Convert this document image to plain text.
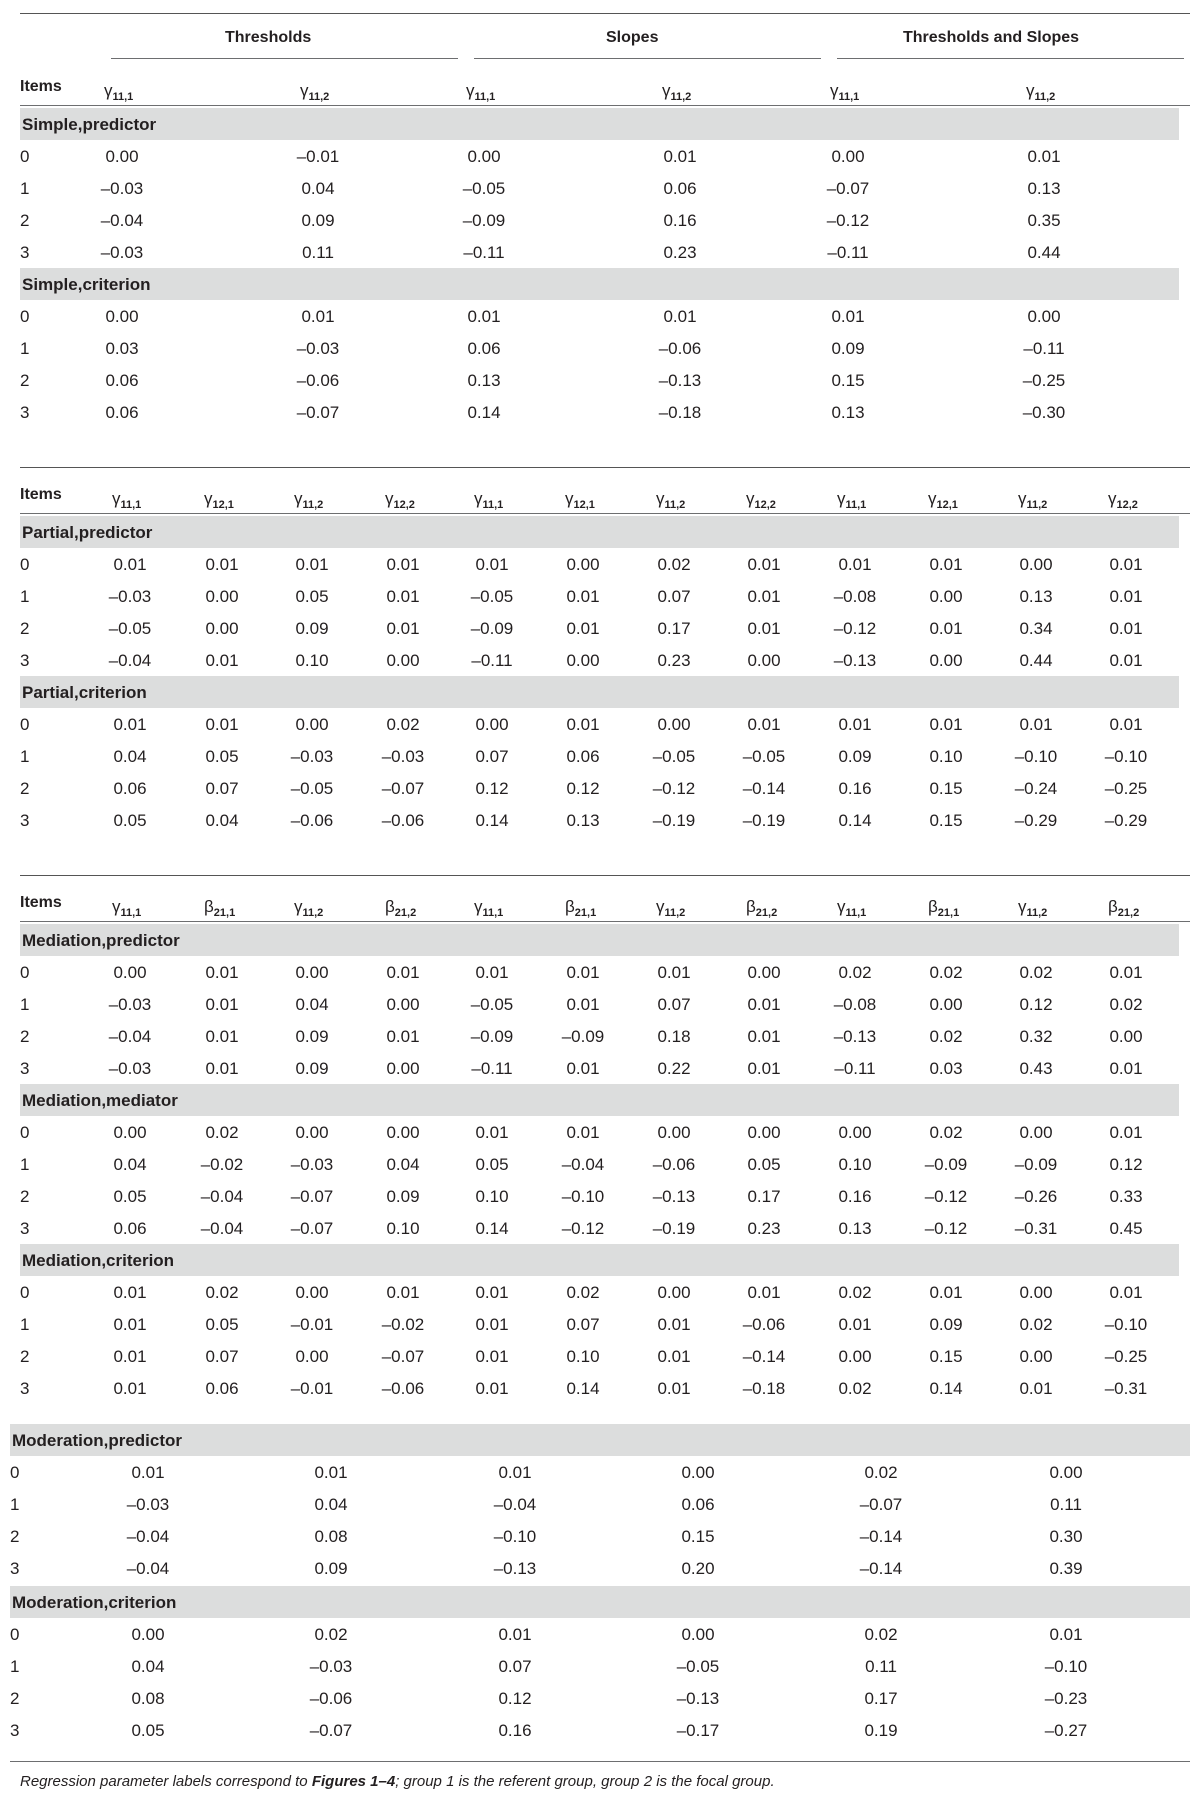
Thresholds	Slopes	Thresholds and Slopes
Items $\gamma_{11,1}$	$\gamma_{11,2}$	$\gamma_{11,1}$	$\gamma_{11,2}$	$\gamma_{11,1}$	$\gamma_{11,2}$
Simple,predictor
0	0.00	–0.01	0.00	0.01	0.00	0.01
1	–0.03	0.04	–0.05	0.06	–0.07	0.13
2	–0.04	0.09	–0.09	0.16	–0.12	0.35
3	–0.03	0.11	–0.11	0.23	–0.11	0.44
Simple,criterion
0	0.00	0.01	0.01	0.01	0.01	0.00
1	0.03	–0.03	0.06	–0.06	0.09	–0.11
2	0.06	–0.06	0.13	–0.13	0.15	–0.25
3	0.06	–0.07	0.14	–0.18	0.13	–0.30
Items	$\gamma_{11,1}$	$\gamma_{12,1}$	$\gamma_{11,2}$	$\gamma_{12,2}$	$\gamma_{11,1}$	$\gamma_{12,1}$	$\gamma_{11,2}$	$\gamma_{12,2}$	$\gamma_{11,1}$	$\gamma_{12,1}$	$\gamma_{11,2}$	$\gamma_{12,2}$
Partial,predictor
0	0.01	0.01	0.01	0.01	0.01	0.00	0.02	0.01	0.01	0.01	0.00	0.01
1	–0.03	0.00	0.05	0.01	–0.05	0.01	0.07	0.01	–0.08	0.00	0.13	0.01
2	–0.05	0.00	0.09	0.01	–0.09	0.01	0.17	0.01	–0.12	0.01	0.34	0.01
3	–0.04	0.01	0.10	0.00	–0.11	0.00	0.23	0.00	–0.13	0.00	0.44	0.01
Partial,criterion
0	0.01	0.01	0.00	0.02	0.00	0.01	0.00	0.01	0.01	0.01	0.01	0.01
1	0.04	0.05	–0.03	–0.03	0.07	0.06	–0.05	–0.05	0.09	0.10	–0.10	–0.10
2	0.06	0.07	–0.05	–0.07	0.12	0.12	–0.12	–0.14	0.16	0.15	–0.24	–0.25
3	0.05	0.04	–0.06	–0.06	0.14	0.13	–0.19	–0.19	0.14	0.15	–0.29	–0.29
Items	$\gamma_{11,1}$	$\beta_{21,1}$	$\gamma_{11,2}$	$\beta_{21,2}$	$\gamma_{11,1}$	$\beta_{21,1}$	$\gamma_{11,2}$	$\beta_{21,2}$	$\gamma_{11,1}$	$\beta_{21,1}$	$\gamma_{11,2}$	$\beta_{21,2}$
Mediation,predictor
0	0.00	0.01	0.00	0.01	0.01	0.01	0.01	0.00	0.02	0.02	0.02	0.01
1	–0.03	0.01	0.04	0.00	–0.05	0.01	0.07	0.01	–0.08	0.00	0.12	0.02
2	–0.04	0.01	0.09	0.01	–0.09	–0.09	0.18	0.01	–0.13	0.02	0.32	0.00
3	–0.03	0.01	0.09	0.00	–0.11	0.01	0.22	0.01	–0.11	0.03	0.43	0.01
Mediation,mediator
0	0.00	0.02	0.00	0.00	0.01	0.01	0.00	0.00	0.00	0.02	0.00	0.01
1	0.04	–0.02	–0.03	0.04	0.05	–0.04	–0.06	0.05	0.10	–0.09	–0.09	0.12
2	0.05	–0.04	–0.07	0.09	0.10	–0.10	–0.13	0.17	0.16	–0.12	–0.26	0.33
3	0.06	–0.04	–0.07	0.10	0.14	–0.12	–0.19	0.23	0.13	–0.12	–0.31	0.45
Mediation,criterion
0	0.01	0.02	0.00	0.01	0.01	0.02	0.00	0.01	0.02	0.01	0.00	0.01
1	0.01	0.05	–0.01	–0.02	0.01	0.07	0.01	–0.06	0.01	0.09	0.02	–0.10
2	0.01	0.07	0.00	–0.07	0.01	0.10	0.01	–0.14	0.00	0.15	0.00	–0.25
3	0.01	0.06	–0.01	–0.06	0.01	0.14	0.01	–0.18	0.02	0.14	0.01	–0.31
Moderation,predictor
0	0.01	0.01	0.01	0.00	0.02	0.00
1	–0.03	0.04	–0.04	0.06	–0.07	0.11
2	–0.04	0.08	–0.10	0.15	–0.14	0.30
3	–0.04	0.09	–0.13	0.20	–0.14	0.39
Moderation,criterion
0	0.00	0.02	0.01	0.00	0.02	0.01
1	0.04	–0.03	0.07	–0.05	0.11	–0.10
2	0.08	–0.06	0.12	–0.13	0.17	–0.23
3	0.05	–0.07	0.16	–0.17	0.19	–0.27
Regression parameter labels correspond to Figures 1–4; group 1 is the referent group, group 2 is the focal group.
